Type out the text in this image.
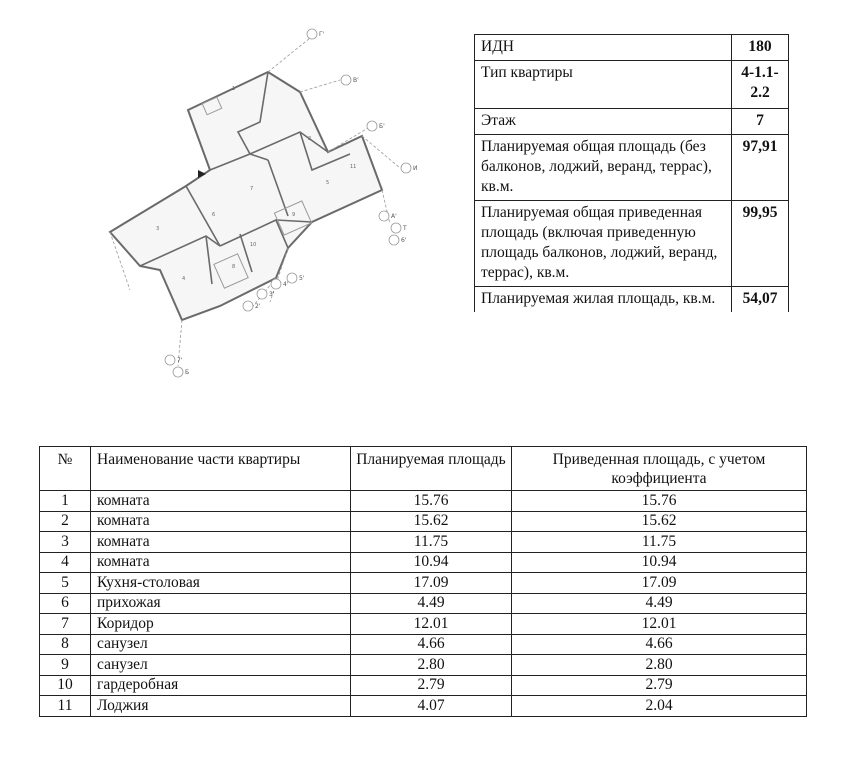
Г'
В'
Б'
И
А'
Т
6'
Б
2'
3'
4'
5'
7'
1
2
3
4
5
6
7
8
9
10
11
ИДН	180
Тип квартиры	4-1.1-2.2
Этаж	7
Планируемая общая площадь (без балконов, лоджий, веранд, террас), кв.м.	97,91
Планируемая общая приведенная площадь (включая приведенную площадь балконов, лоджий, веранд, террас), кв.м.	99,95
Планируемая жилая площадь, кв.м.	54,07
№	Наименование части квартиры	Планируемая площадь	Приведенная площадь, с учетом коэффициента
1	комната	15.76	15.76
2	комната	15.62	15.62
3	комната	11.75	11.75
4	комната	10.94	10.94
5	Кухня-столовая	17.09	17.09
6	прихожая	4.49	4.49
7	Коридор	12.01	12.01
8	санузел	4.66	4.66
9	санузел	2.80	2.80
10	гардеробная	2.79	2.79
11	Лоджия	4.07	2.04
